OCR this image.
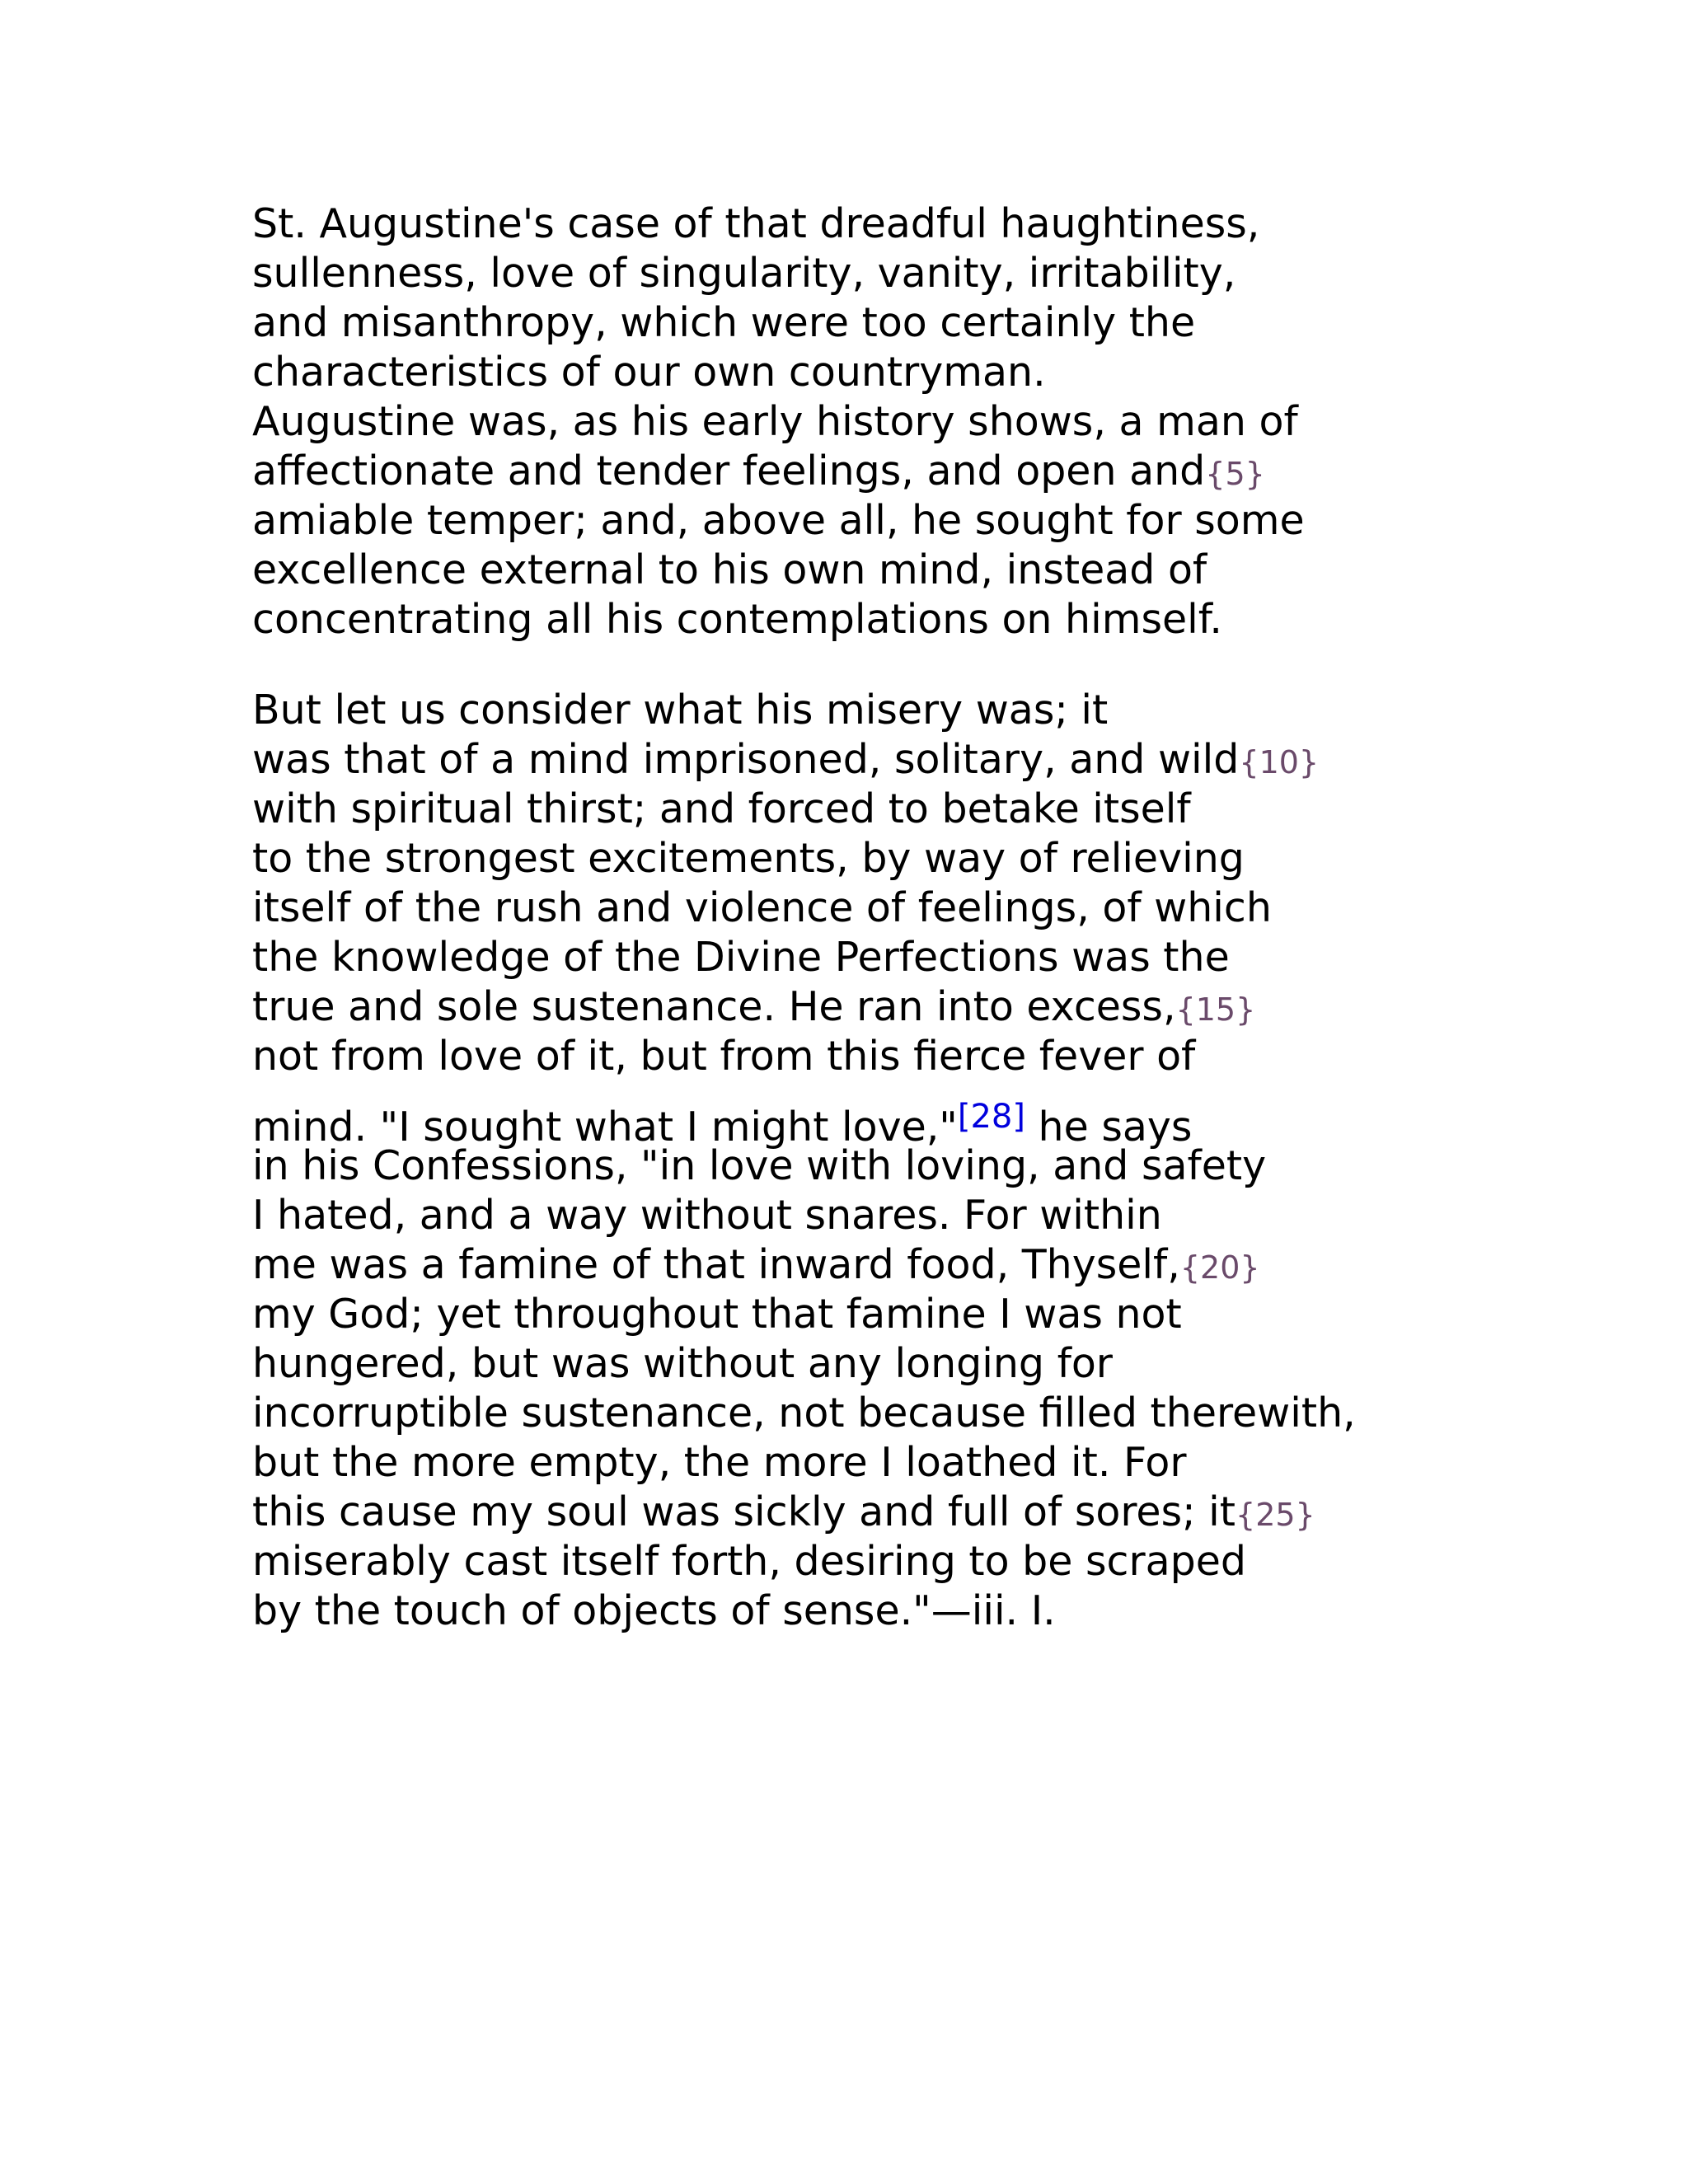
St. Augustine's case of that dreadful haughtiness,
sullenness, love of singularity, vanity, irritability,
and misanthropy, which were too certainly the
characteristics of our own countryman.
Augustine was, as his early history shows, a man of
affectionate and tender feelings, and open and{5}
amiable temper; and, above all, he sought for some
excellence external to his own mind, instead of
concentrating all his contemplations on himself.

But let us consider what his misery was; it
was that of a mind imprisoned, solitary, and wild{10}
with spiritual thirst; and forced to betake itself
to the strongest excitements, by way of relieving
itself of the rush and violence of feelings, of which
the knowledge of the Divine Perfections was the
true and sole sustenance. He ran into excess,{15}
not from love of it, but from this fierce fever of
mind. "I sought what I might love,"[28] he says
in his Confessions, "in love with loving, and safety
I hated, and a way without snares. For within
me was a famine of that inward food, Thyself,{20}
my God; yet throughout that famine I was not
hungered, but was without any longing for
incorruptible sustenance, not because filled therewith,
but the more empty, the more I loathed it. For
this cause my soul was sickly and full of sores; it{25}
miserably cast itself forth, desiring to be scraped
by the touch of objects of sense."—iii. I.
